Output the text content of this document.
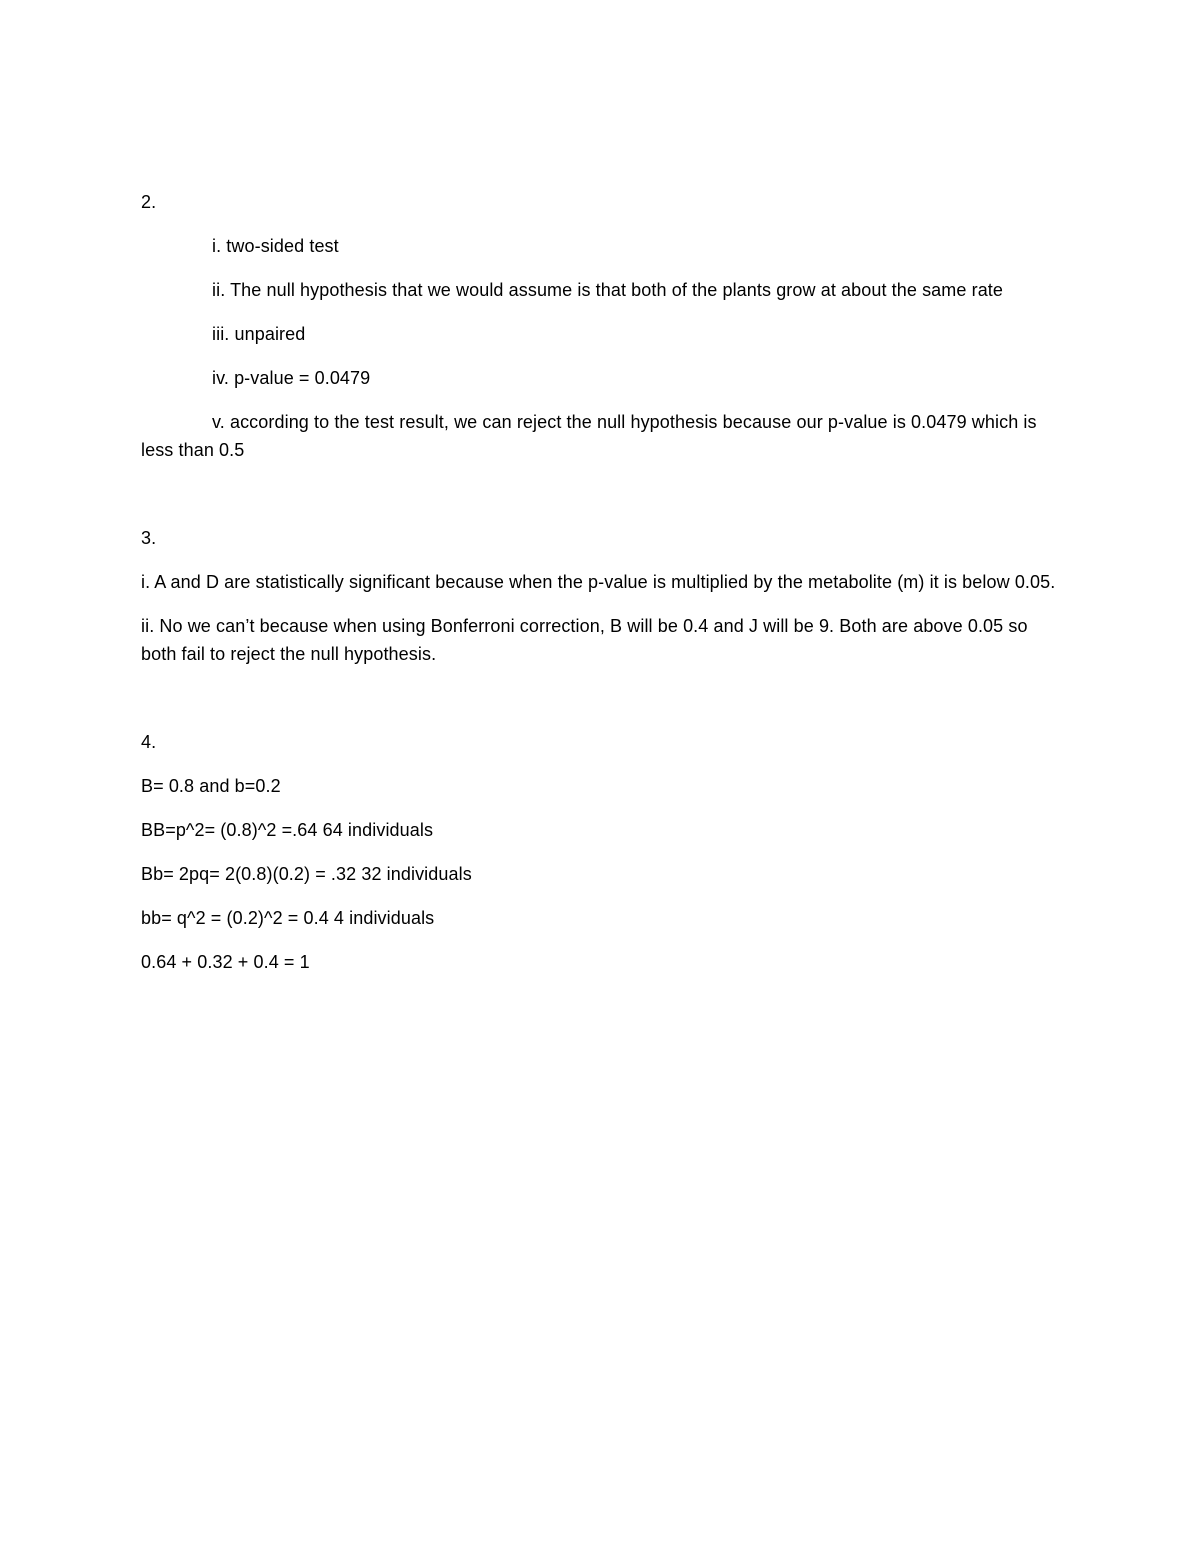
2.

i. two-sided test

ii. The null hypothesis that we would assume is that both of the plants grow at about the same rate

iii. unpaired

iv. p-value = 0.0479

v. according to the test result, we can reject the null hypothesis because our p-value is 0.0479 which is less than 0.5

3.

i. A and D are statistically significant because when the p-value is multiplied by the metabolite (m) it is below 0.05.

ii. No we can’t because when using Bonferroni correction, B will be 0.4 and J will be 9. Both are above 0.05 so both fail to reject the null hypothesis.

4.

B= 0.8 and b=0.2

BB=p^2= (0.8)^2 =.64 64 individuals

Bb= 2pq= 2(0.8)(0.2) = .32 32 individuals

bb= q^2 = (0.2)^2 = 0.4 4 individuals

0.64 + 0.32 + 0.4 = 1
